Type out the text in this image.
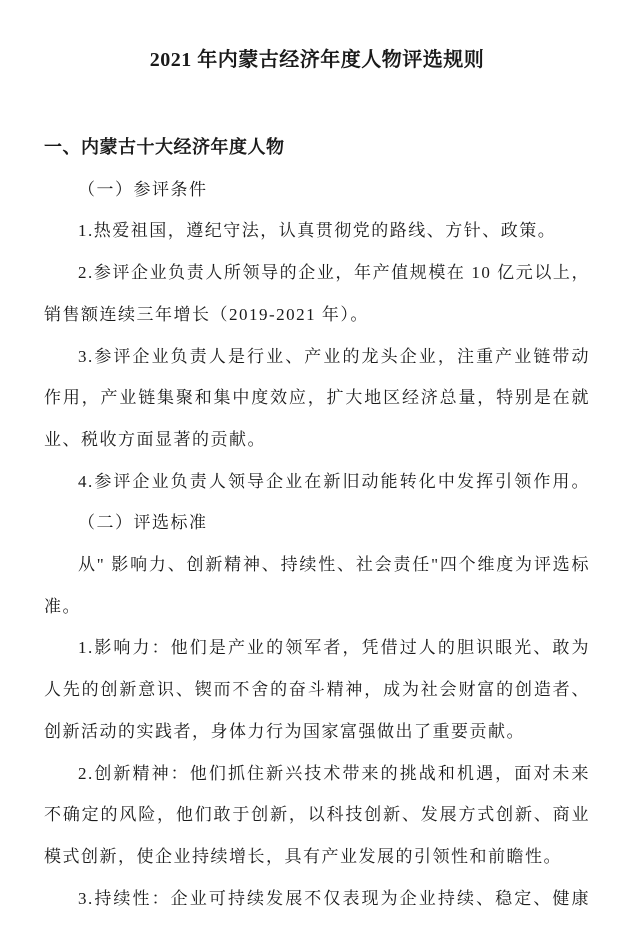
2021 年内蒙古经济年度人物评选规则
一、内蒙古十大经济年度人物
（一）参评条件
1.热爱祖国，遵纪守法，认真贯彻党的路线、方针、政策。
2.参评企业负责人所领导的企业，年产值规模在 10 亿元以上，
销售额连续三年增长（2019-2021 年）。
3.参评企业负责人是行业、产业的龙头企业，注重产业链带动
作用，产业链集聚和集中度效应，扩大地区经济总量，特别是在就
业、税收方面显著的贡献。
4.参评企业负责人领导企业在新旧动能转化中发挥引领作用。
（二）评选标准
从" 影响力、创新精神、持续性、社会责任"四个维度为评选标
准。
1.影响力：他们是产业的领军者，凭借过人的胆识眼光、敢为
人先的创新意识、锲而不舍的奋斗精神，成为社会财富的创造者、
创新活动的实践者，身体力行为国家富强做出了重要贡献。
2.创新精神：他们抓住新兴技术带来的挑战和机遇，面对未来
不确定的风险，他们敢于创新，以科技创新、发展方式创新、商业
模式创新，使企业持续增长，具有产业发展的引领性和前瞻性。
3.持续性：企业可持续发展不仅表现为企业持续、稳定、健康
